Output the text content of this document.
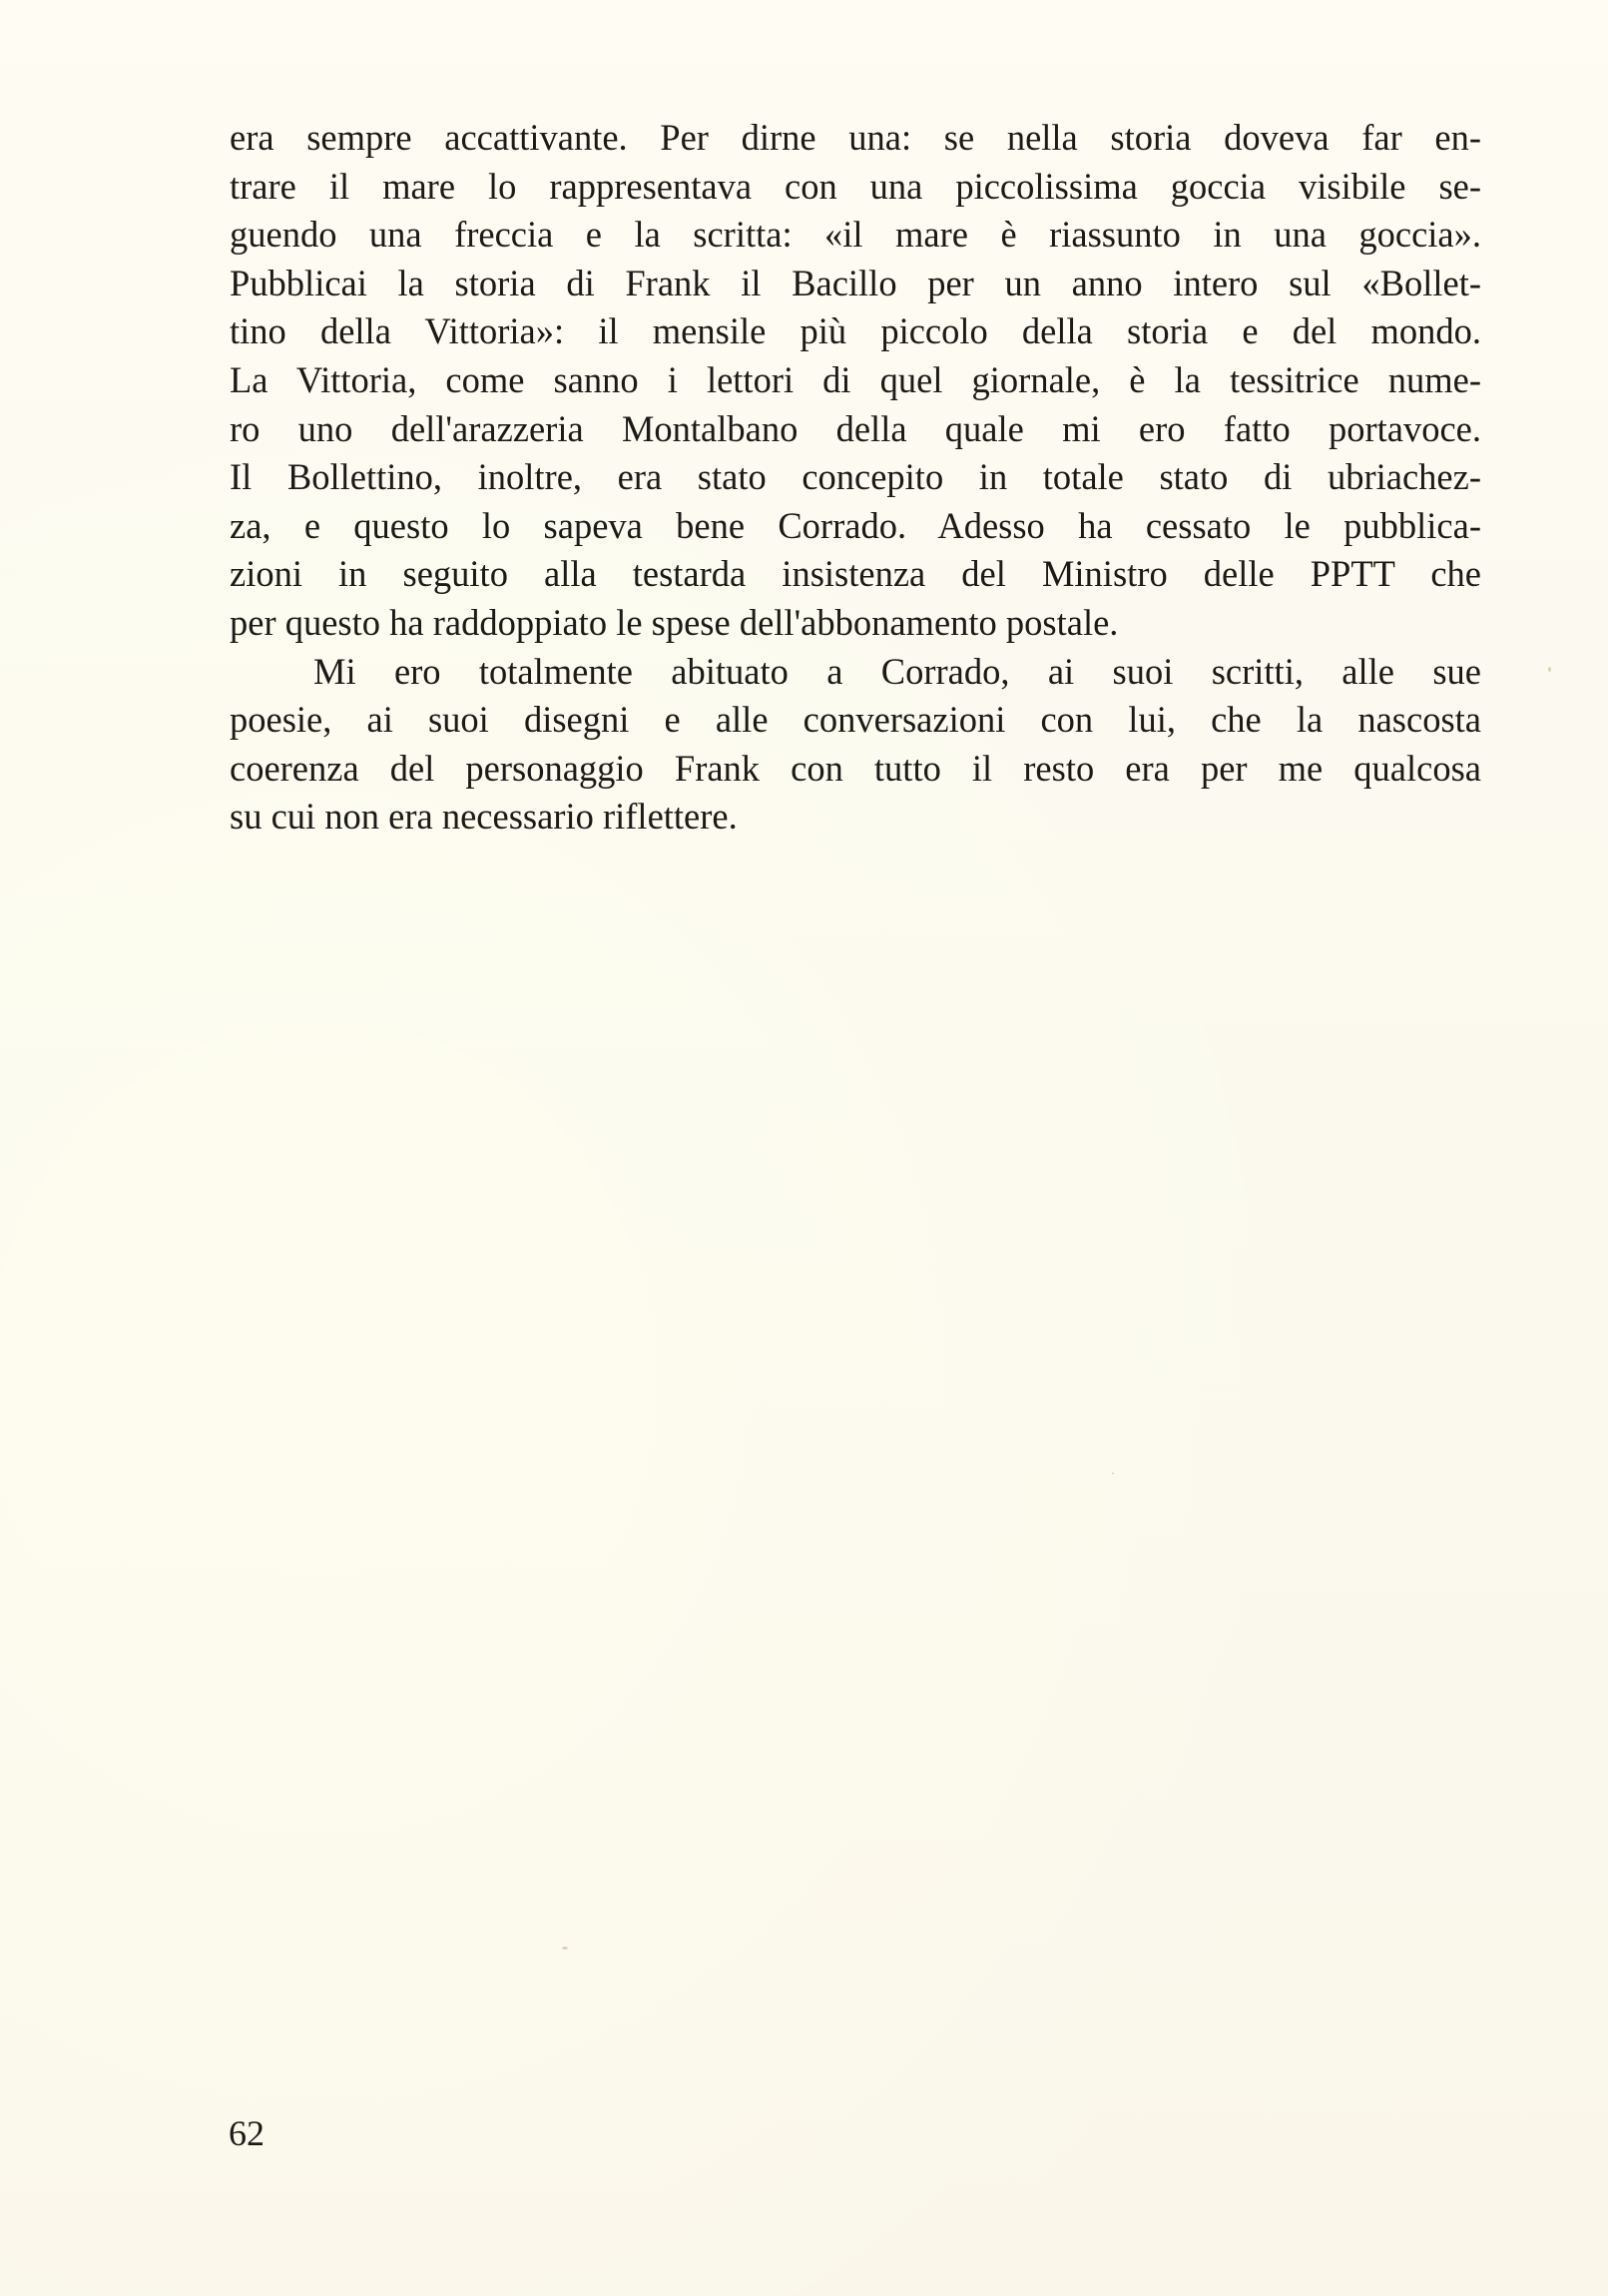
era sempre accattivante. Per dirne una: se nella storia doveva far en-
trare il mare lo rappresentava con una piccolissima goccia visibile se-
guendo una freccia e la scritta: «il mare è riassunto in una goccia».
Pubblicai la storia di Frank il Bacillo per un anno intero sul «Bollet-
tino della Vittoria»: il mensile più piccolo della storia e del mondo.
La Vittoria, come sanno i lettori di quel giornale, è la tessitrice nume-
ro uno dell'arazzeria Montalbano della quale mi ero fatto portavoce.
Il Bollettino, inoltre, era stato concepito in totale stato di ubriachez-
za, e questo lo sapeva bene Corrado. Adesso ha cessato le pubblica-
zioni in seguito alla testarda insistenza del Ministro delle PPTT che
per questo ha raddoppiato le spese dell'abbonamento postale.
Mi ero totalmente abituato a Corrado, ai suoi scritti, alle sue
poesie, ai suoi disegni e alle conversazioni con lui, che la nascosta
coerenza del personaggio Frank con tutto il resto era per me qualcosa
su cui non era necessario riflettere.
62
